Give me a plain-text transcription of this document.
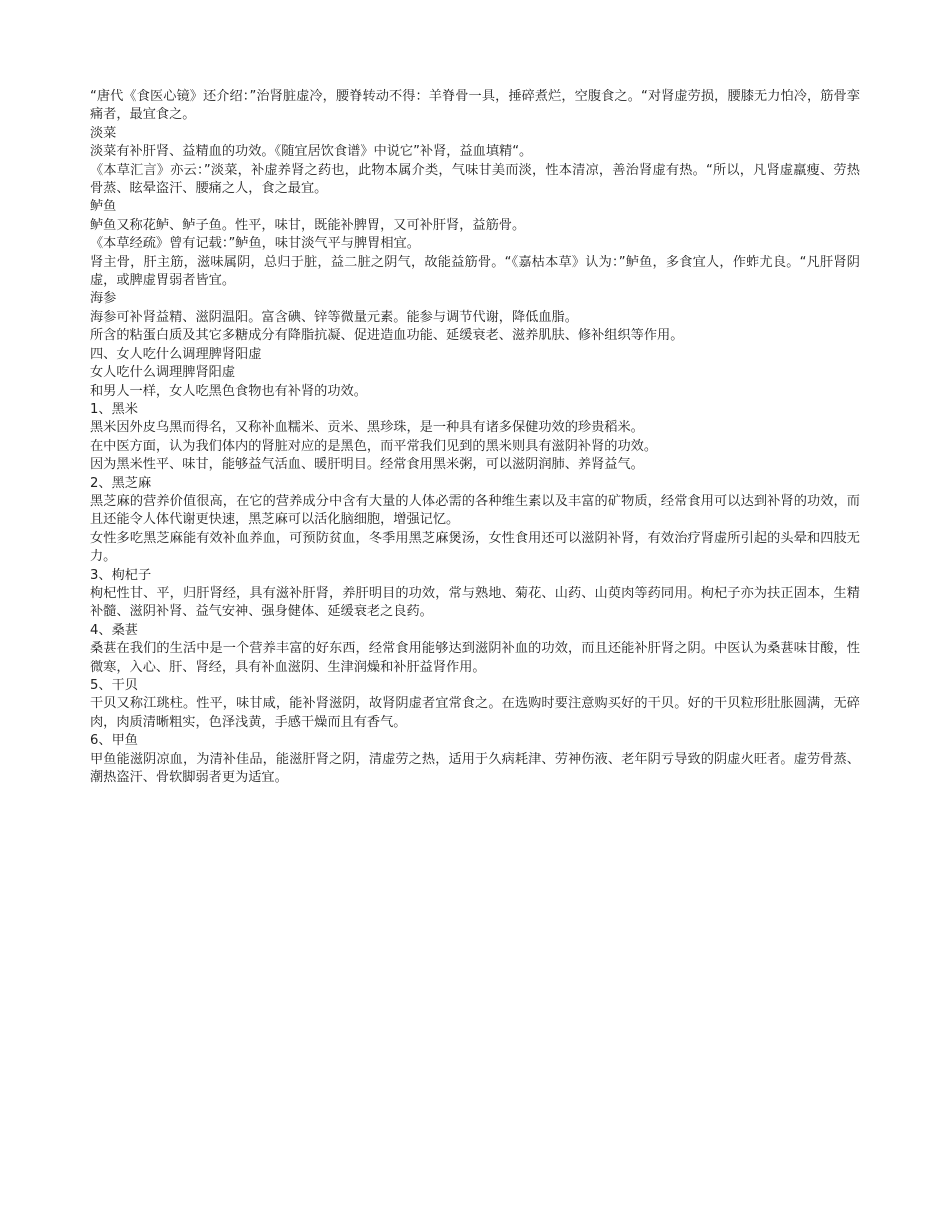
“唐代《食医心镜》还介绍：”治肾脏虚冷，腰脊转动不得：羊脊骨一具，捶碎煮烂，空腹食之。“对肾虚劳损，腰膝无力怕冷，筋骨挛痛者，最宜食之。

淡菜

淡菜有补肝肾、益精血的功效。《随宜居饮食谱》中说它”补肾，益血填精“。

《本草汇言》亦云：”淡菜，补虚养肾之药也，此物本属介类，气味甘美而淡，性本清凉，善治肾虚有热。“所以，凡肾虚羸瘦、劳热骨蒸、眩晕盗汗、腰痛之人，食之最宜。

鲈鱼

鲈鱼又称花鲈、鲈子鱼。性平，味甘，既能补脾胃，又可补肝肾，益筋骨。

《本草经疏》曾有记载：”鲈鱼，味甘淡气平与脾胃相宜。

肾主骨，肝主筋，滋味属阴，总归于脏，益二脏之阴气，故能益筋骨。“《嘉枯本草》认为：”鲈鱼，多食宜人，作蚱尤良。“凡肝肾阴虚，或脾虚胃弱者皆宜。

海参

海参可补肾益精、滋阴温阳。富含碘、锌等微量元素。能参与调节代谢，降低血脂。

所含的粘蛋白质及其它多糖成分有降脂抗凝、促进造血功能、延缓衰老、滋养肌肤、修补组织等作用。

四、女人吃什么调理脾肾阳虚

女人吃什么调理脾肾阳虚

和男人一样，女人吃黑色食物也有补肾的功效。

1、黑米

黑米因外皮乌黑而得名，又称补血糯米、贡米、黑珍珠，是一种具有诸多保健功效的珍贵稻米。

在中医方面，认为我们体内的肾脏对应的是黑色，而平常我们见到的黑米则具有滋阴补肾的功效。

因为黑米性平、味甘，能够益气活血、暖肝明目。经常食用黑米粥，可以滋阴润肺、养肾益气。

2、黑芝麻

黑芝麻的营养价值很高，在它的营养成分中含有大量的人体必需的各种维生素以及丰富的矿物质，经常食用可以达到补肾的功效，而且还能令人体代谢更快速，黑芝麻可以活化脑细胞，增强记忆。

女性多吃黑芝麻能有效补血养血，可预防贫血，冬季用黑芝麻煲汤，女性食用还可以滋阴补肾，有效治疗肾虚所引起的头晕和四肢无力。

3、枸杞子

枸杞性甘、平，归肝肾经，具有滋补肝肾，养肝明目的功效，常与熟地、菊花、山药、山萸肉等药同用。枸杞子亦为扶正固本，生精补髓、滋阴补肾、益气安神、强身健体、延缓衰老之良药。

4、桑葚

桑葚在我们的生活中是一个营养丰富的好东西，经常食用能够达到滋阴补血的功效，而且还能补肝肾之阴。中医认为桑葚味甘酸，性微寒，入心、肝、肾经，具有补血滋阴、生津润燥和补肝益肾作用。

5、干贝

干贝又称江珧柱。性平，味甘咸，能补肾滋阴，故肾阴虚者宜常食之。在选购时要注意购买好的干贝。好的干贝粒形肚胀圆满，无碎肉，肉质清晰粗实，色泽浅黄，手感干燥而且有香气。

6、甲鱼

甲鱼能滋阴凉血，为清补佳品，能滋肝肾之阴，清虚劳之热，适用于久病耗津、劳神伤液、老年阴亏导致的阴虚火旺者。虚劳骨蒸、潮热盗汗、骨软脚弱者更为适宜。
